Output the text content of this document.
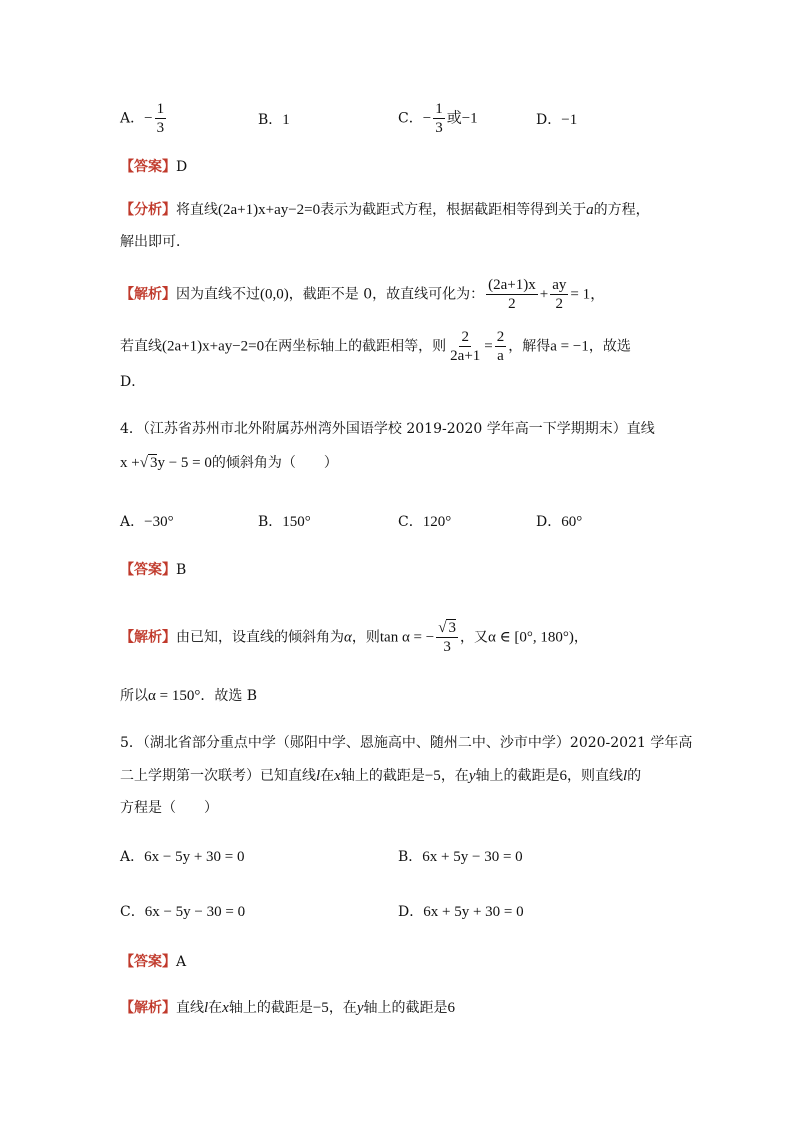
A．− $\frac{1}{3}$	B．1	C．− $\frac{1}{3}$ 或−1	D．−1
【答案】D
【分析】将直线(2a+1)x+ay−2=0表示为截距式方程，根据截距相等得到关于a的方程，
解出即可．
【解析】因为直线不过(0,0)，截距不是 0，故直线可化为： $\frac{(2a+1)x}{2} + \frac{ay}{2} = 1$，
若直线(2a+1)x+ay−2=0在两坐标轴上的截距相等，则 $\frac{2}{2a+1} = \frac{2}{a}$ ，解得a = −1，故选
D．
4．（江苏省苏州市北外附属苏州湾外国语学校 2019-2020 学年高一下学期期末）直线
x +√ 3y − 5 = 0的倾斜角为（　　）
A．−30°	B．150°	C．120°	D．60°
【答案】B
【解析】由已知，设直线的倾斜角为α，则tan α = − $\frac{√ 3}{3}$ ，又α ∈ [0°, 180°)，
所以α = 150°．故选 B
5．（湖北省部分重点中学（郧阳中学、恩施高中、随州二中、沙市中学）2020-2021 学年高
二上学期第一次联考）已知直线l在x轴上的截距是−5，在y轴上的截距是6，则直线l的
方程是（　　）
A．6x − 5y + 30 = 0	B．6x + 5y − 30 = 0
C．6x − 5y − 30 = 0	D．6x + 5y + 30 = 0
【答案】A
【解析】直线l在x轴上的截距是−5，在y轴上的截距是6
